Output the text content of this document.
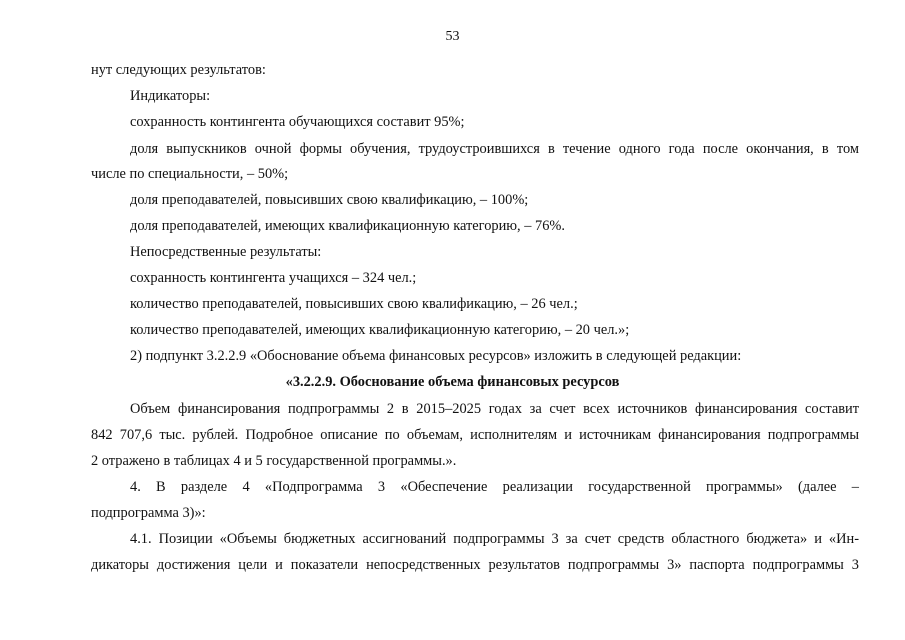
53
нут следующих результатов:
Индикаторы:
сохранность контингента обучающихся составит 95%;
доля выпускников очной формы обучения, трудоустроившихся в течение одного года после окончания, в том
числе по специальности, – 50%;
доля преподавателей, повысивших свою квалификацию, – 100%;
доля преподавателей, имеющих квалификационную категорию, – 76%.
Непосредственные результаты:
сохранность контингента учащихся – 324 чел.;
количество преподавателей, повысивших свою квалификацию, – 26 чел.;
количество преподавателей, имеющих квалификационную категорию, – 20 чел.»;
2) подпункт 3.2.2.9 «Обоснование объема финансовых ресурсов» изложить в следующей редакции:
«3.2.2.9. Обоснование объема финансовых ресурсов
Объем финансирования подпрограммы 2 в 2015–2025 годах за счет всех источников финансирования составит
842 707,6 тыс. рублей. Подробное описание по объемам, исполнителям и источникам финансирования подпрограммы
2 отражено в таблицах 4 и 5 государственной программы.».
4. В разделе 4 «Подпрограмма 3 «Обеспечение реализации государственной программы» (далее –
подпрограмма 3)»:
4.1. Позиции «Объемы бюджетных ассигнований подпрограммы 3 за счет средств областного бюджета» и «Ин-
дикаторы достижения цели и показатели непосредственных результатов подпрограммы 3» паспорта подпрограммы 3
